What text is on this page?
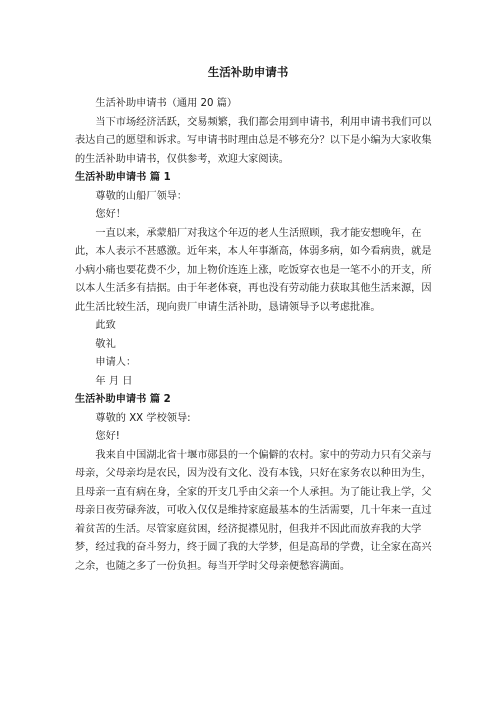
生活补助申请书

生活补助申请书（通用 20 篇）

当下市场经济活跃，交易频繁，我们都会用到申请书，利用申请书我们可以表达自己的愿望和诉求。写申请书时理由总是不够充分？以下是小编为大家收集的生活补助申请书，仅供参考，欢迎大家阅读。

生活补助申请书 篇 1

尊敬的山船厂领导：

您好！

一直以来，承蒙船厂对我这个年迈的老人生活照顾，我才能安想晚年，在此，本人表示不甚感激。近年来，本人年事渐高，体弱多病，如今看病贵，就是小病小痛也要花费不少，加上物价连连上涨，吃饭穿衣也是一笔不小的开支，所以本人生活多有拮据。由于年老体衰，再也没有劳动能力获取其他生活来源，因此生活比较生活，现向贵厂申请生活补助，恳请领导予以考虑批准。

此致

敬礼

申请人：

年 月 日

生活补助申请书 篇 2

尊敬的 XX 学校领导:

您好!

我来自中国湖北省十堰市郧县的一个偏僻的农村。家中的劳动力只有父亲与母亲，父母亲均是农民，因为没有文化、没有本钱，只好在家务农以种田为生，且母亲一直有病在身，全家的开支几乎由父亲一个人承担。为了能让我上学，父母亲日夜劳碌奔波，可收入仅仅是维持家庭最基本的生活需要，几十年来一直过着贫苦的生活。尽管家庭贫困，经济捉襟见肘，但我并不因此而放弃我的大学梦，经过我的奋斗努力，终于圆了我的大学梦，但是高昂的学费，让全家在高兴之余，也随之多了一份负担。每当开学时父母亲便愁容满面。
